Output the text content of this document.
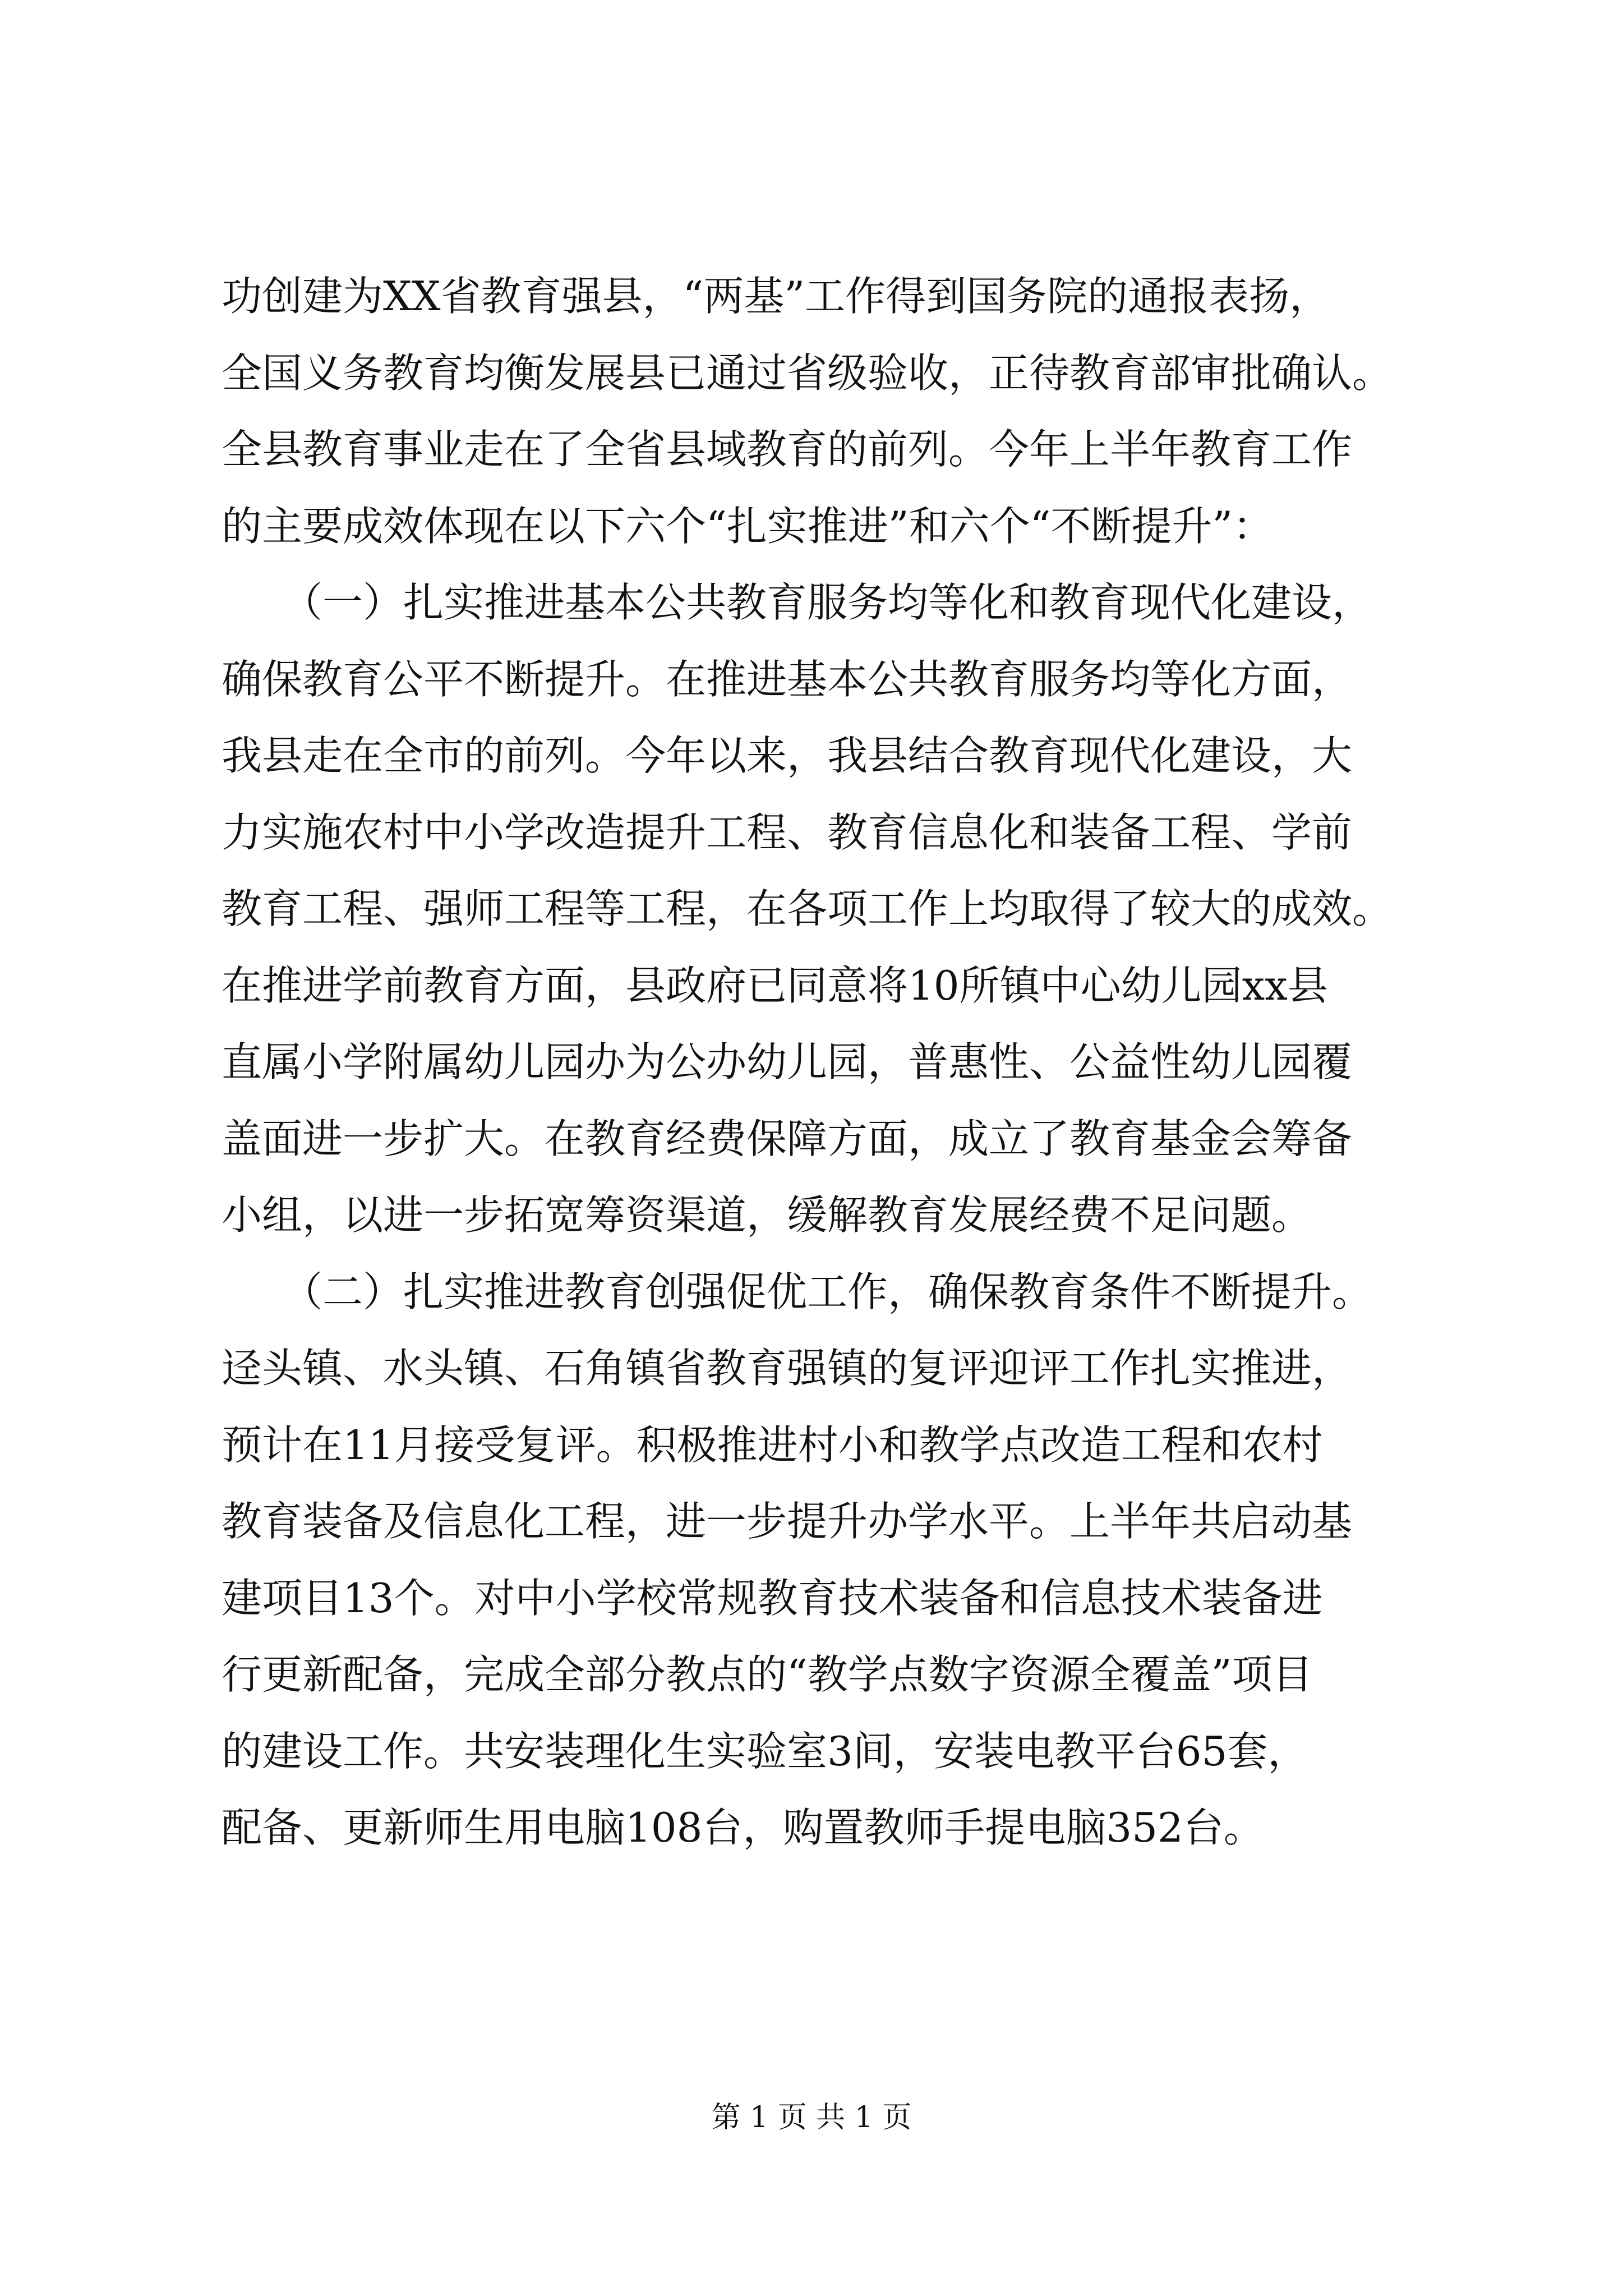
功创建为XX省教育强县，“两基”工作得到国务院的通报表扬，
全国义务教育均衡发展县已通过省级验收，正待教育部审批确认。
全县教育事业走在了全省县域教育的前列。今年上半年教育工作
的主要成效体现在以下六个“扎实推进”和六个“不断提升”：
　　（一）扎实推进基本公共教育服务均等化和教育现代化建设，
确保教育公平不断提升。在推进基本公共教育服务均等化方面，
我县走在全市的前列。今年以来，我县结合教育现代化建设，大
力实施农村中小学改造提升工程、教育信息化和装备工程、学前
教育工程、强师工程等工程，在各项工作上均取得了较大的成效。
在推进学前教育方面，县政府已同意将10所镇中心幼儿园xx县
直属小学附属幼儿园办为公办幼儿园，普惠性、公益性幼儿园覆
盖面进一步扩大。在教育经费保障方面，成立了教育基金会筹备
小组，以进一步拓宽筹资渠道，缓解教育发展经费不足问题。
　　（二）扎实推进教育创强促优工作，确保教育条件不断提升。
迳头镇、水头镇、石角镇省教育强镇的复评迎评工作扎实推进，
预计在11月接受复评。积极推进村小和教学点改造工程和农村
教育装备及信息化工程，进一步提升办学水平。上半年共启动基
建项目13个。对中小学校常规教育技术装备和信息技术装备进
行更新配备，完成全部分教点的“教学点数字资源全覆盖”项目
的建设工作。共安装理化生实验室3间，安装电教平台65套，
配备、更新师生用电脑108台，购置教师手提电脑352台。
第 1 页 共 1 页
